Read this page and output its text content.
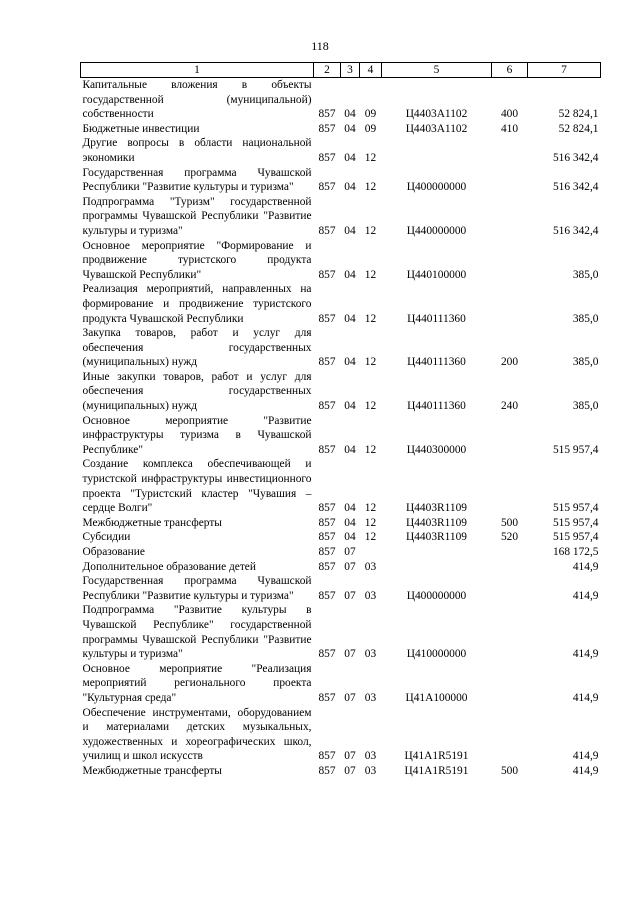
118
1	2	3	4	5	6	7
Капитальные вложения в объекты государственной (муниципальной) собственности	857	04	09	Ц4403А1102	400	52 824,1
Бюджетные инвестиции	857	04	09	Ц4403А1102	410	52 824,1
Другие вопросы в области национальной экономики	857	04	12			516 342,4
Государственная программа Чувашской Республики "Развитие культуры и туризма"	857	04	12	Ц400000000		516 342,4
Подпрограмма "Туризм" государственной программы Чувашской Республики "Развитие культуры и туризма"	857	04	12	Ц440000000		516 342,4
Основное мероприятие "Формирование и продвижение туристского продукта Чувашской Республики"	857	04	12	Ц440100000		385,0
Реализация мероприятий, направленных на формирование и продвижение туристского продукта Чувашской Республики	857	04	12	Ц440111360		385,0
Закупка товаров, работ и услуг для обеспечения государственных (муниципальных) нужд	857	04	12	Ц440111360	200	385,0
Иные закупки товаров, работ и услуг для обеспечения государственных (муниципальных) нужд	857	04	12	Ц440111360	240	385,0
Основное мероприятие "Развитие инфраструктуры туризма в Чувашской Республике"	857	04	12	Ц440300000		515 957,4
Создание комплекса обеспечивающей и туристской инфраструктуры инвестиционного проекта "Туристский кластер "Чувашия – сердце Волги"	857	04	12	Ц4403R1109		515 957,4
Межбюджетные трансферты	857	04	12	Ц4403R1109	500	515 957,4
Субсидии	857	04	12	Ц4403R1109	520	515 957,4
Образование	857	07				168 172,5
Дополнительное образование детей	857	07	03			414,9
Государственная программа Чувашской Республики "Развитие культуры и туризма"	857	07	03	Ц400000000		414,9
Подпрограмма "Развитие культуры в Чувашской Республике" государственной программы Чувашской Республики "Развитие культуры и туризма"	857	07	03	Ц410000000		414,9
Основное мероприятие "Реализация мероприятий регионального проекта "Культурная среда"	857	07	03	Ц41А100000		414,9
Обеспечение инструментами, оборудованием и материалами детских музыкальных, художественных и хореографических школ, училищ и школ искусств	857	07	03	Ц41А1R5191		414,9
Межбюджетные трансферты	857	07	03	Ц41А1R5191	500	414,9
